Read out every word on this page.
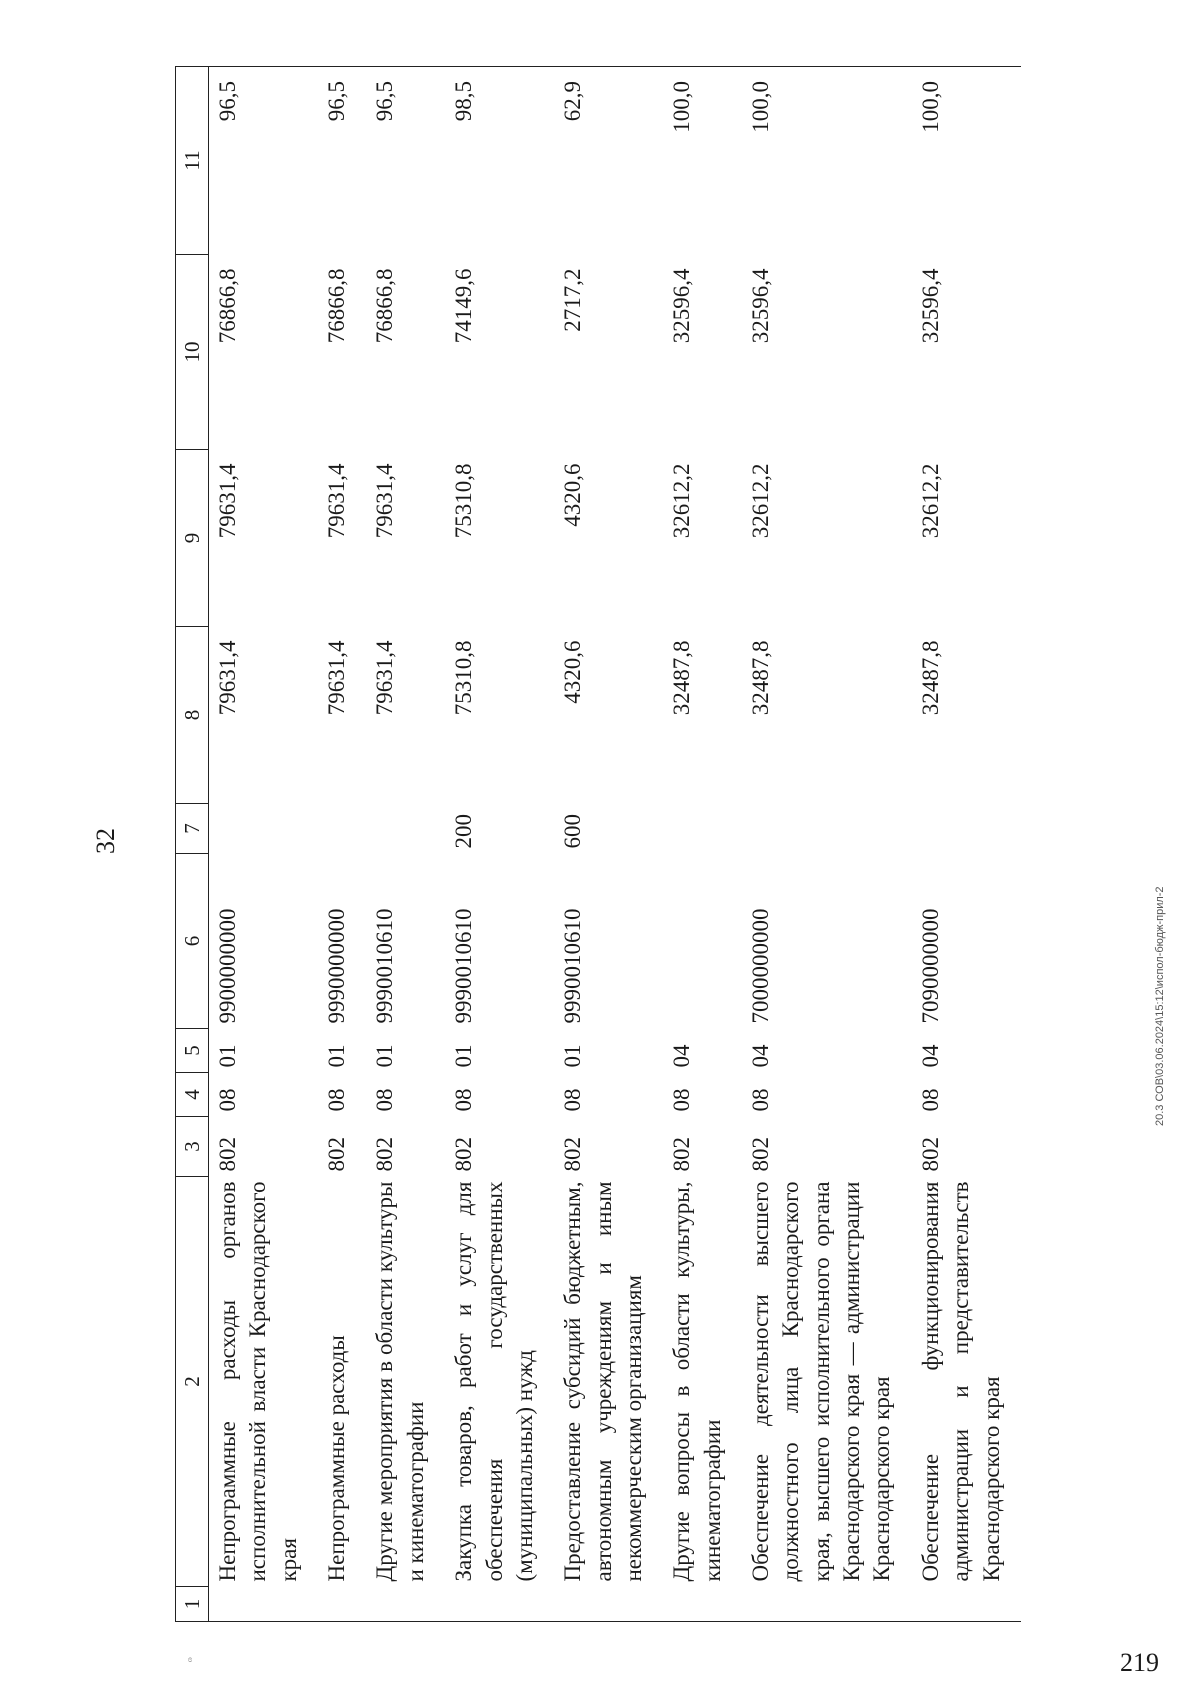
32
219
20.3 СОВ\03.06.2024\15:12\испол-бюдж-прил-2
ɞ
1	2	3	4	5	6	7	8	9	10	11
	Непрограммные расходы органов исполнительной власти Краснодарского края	802	08	01	9900000000		79631,4	79631,4	76866,8	96,5
	Непрограммные расходы	802	08	01	9990000000		79631,4	79631,4	76866,8	96,5
	Другие мероприятия в области культуры и кинематографии	802	08	01	9990010610		79631,4	79631,4	76866,8	96,5
	Закупка товаров, работ и услуг для обеспечения государственных (муниципальных) нужд	802	08	01	9990010610	200	75310,8	75310,8	74149,6	98,5
	Предоставление субсидий бюджетным, автономным учреждениям и иным некоммерческим организациям	802	08	01	9990010610	600	4320,6	4320,6	2717,2	62,9
	Другие вопросы в области культуры, кинематографии	802	08	04			32487,8	32612,2	32596,4	100,0
	Обеспечение деятельности высшего должностного лица Краснодарского края, высшего исполнительного органа Краснодарского края — администрации Краснодарского края	802	08	04	7000000000		32487,8	32612,2	32596,4	100,0
	Обеспечение функционирования администрации и представительств Краснодарского края	802	08	04	7090000000		32487,8	32612,2	32596,4	100,0
